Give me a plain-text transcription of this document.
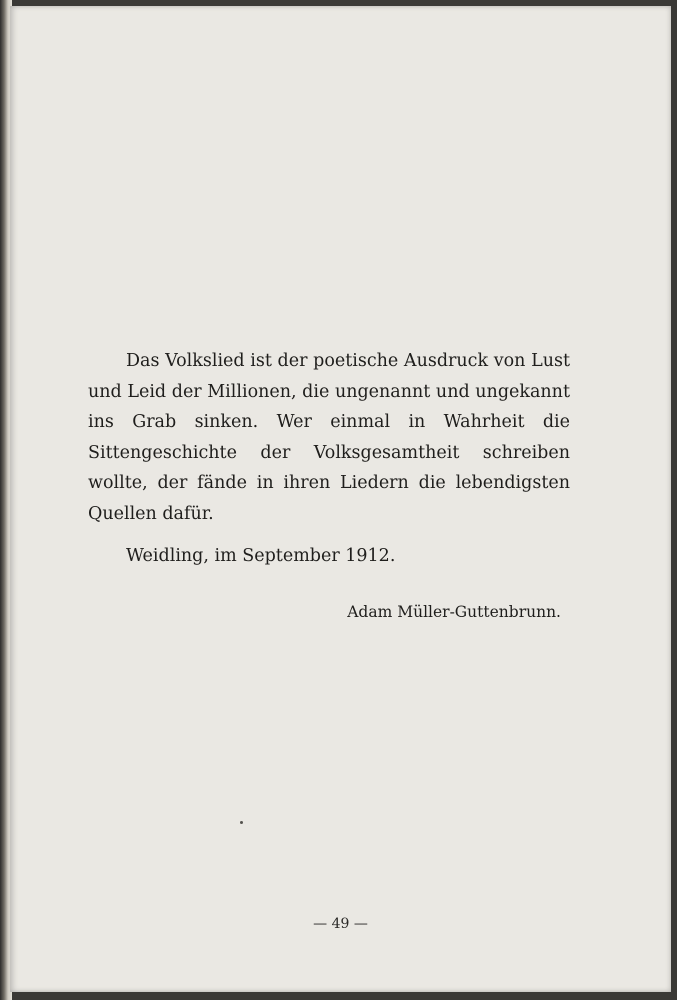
Das Volkslied ist der poetische Ausdruck von Lust und Leid der Millionen, die ungenannt und ungekannt ins Grab sinken. Wer einmal in Wahrheit die Sittengeschichte der Volksgesamtheit schreiben wollte, der fände in ihren Liedern die lebendigsten Quellen dafür.

Weidling, im September 1912.
Adam Müller-Guttenbrunn.
— 49 —
